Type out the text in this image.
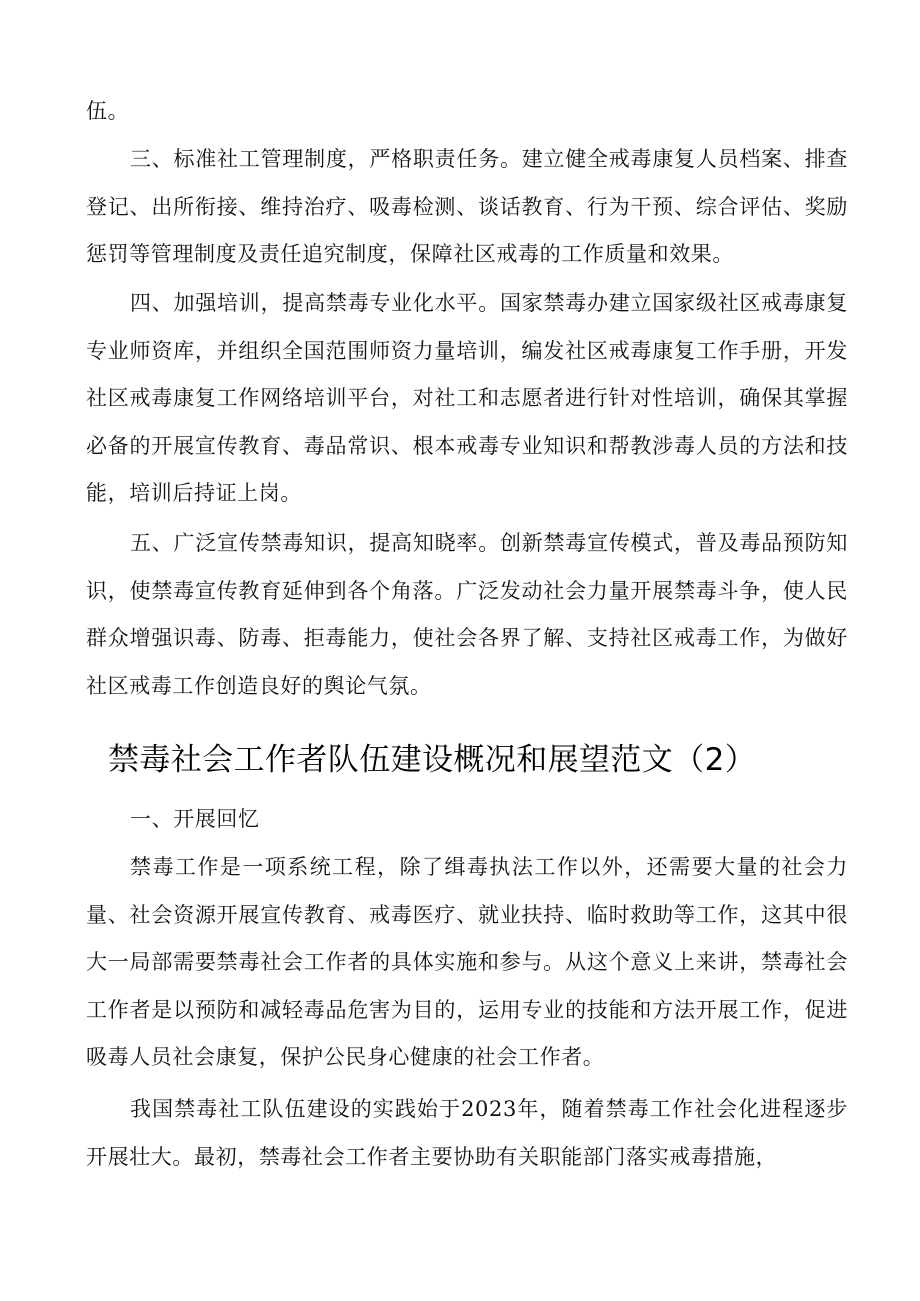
伍。

三、标准社工管理制度，严格职责任务。建立健全戒毒康复人员档案、排查登记、出所衔接、维持治疗、吸毒检测、谈话教育、行为干预、综合评估、奖励惩罚等管理制度及责任追究制度，保障社区戒毒的工作质量和效果。

四、加强培训，提高禁毒专业化水平。国家禁毒办建立国家级社区戒毒康复专业师资库，并组织全国范围师资力量培训，编发社区戒毒康复工作手册，开发社区戒毒康复工作网络培训平台，对社工和志愿者进行针对性培训，确保其掌握必备的开展宣传教育、毒品常识、根本戒毒专业知识和帮教涉毒人员的方法和技能，培训后持证上岗。

五、广泛宣传禁毒知识，提高知晓率。创新禁毒宣传模式，普及毒品预防知识，使禁毒宣传教育延伸到各个角落。广泛发动社会力量开展禁毒斗争，使人民群众增强识毒、防毒、拒毒能力，使社会各界了解、支持社区戒毒工作，为做好社区戒毒工作创造良好的舆论气氛。

禁毒社会工作者队伍建设概况和展望范文（2）

一、开展回忆

禁毒工作是一项系统工程，除了缉毒执法工作以外，还需要大量的社会力量、社会资源开展宣传教育、戒毒医疗、就业扶持、临时救助等工作，这其中很大一局部需要禁毒社会工作者的具体实施和参与。从这个意义上来讲，禁毒社会工作者是以预防和减轻毒品危害为目的，运用专业的技能和方法开展工作，促进吸毒人员社会康复，保护公民身心健康的社会工作者。

我国禁毒社工队伍建设的实践始于2023年，随着禁毒工作社会化进程逐步开展壮大。最初，禁毒社会工作者主要协助有关职能部门落实戒毒措施，
